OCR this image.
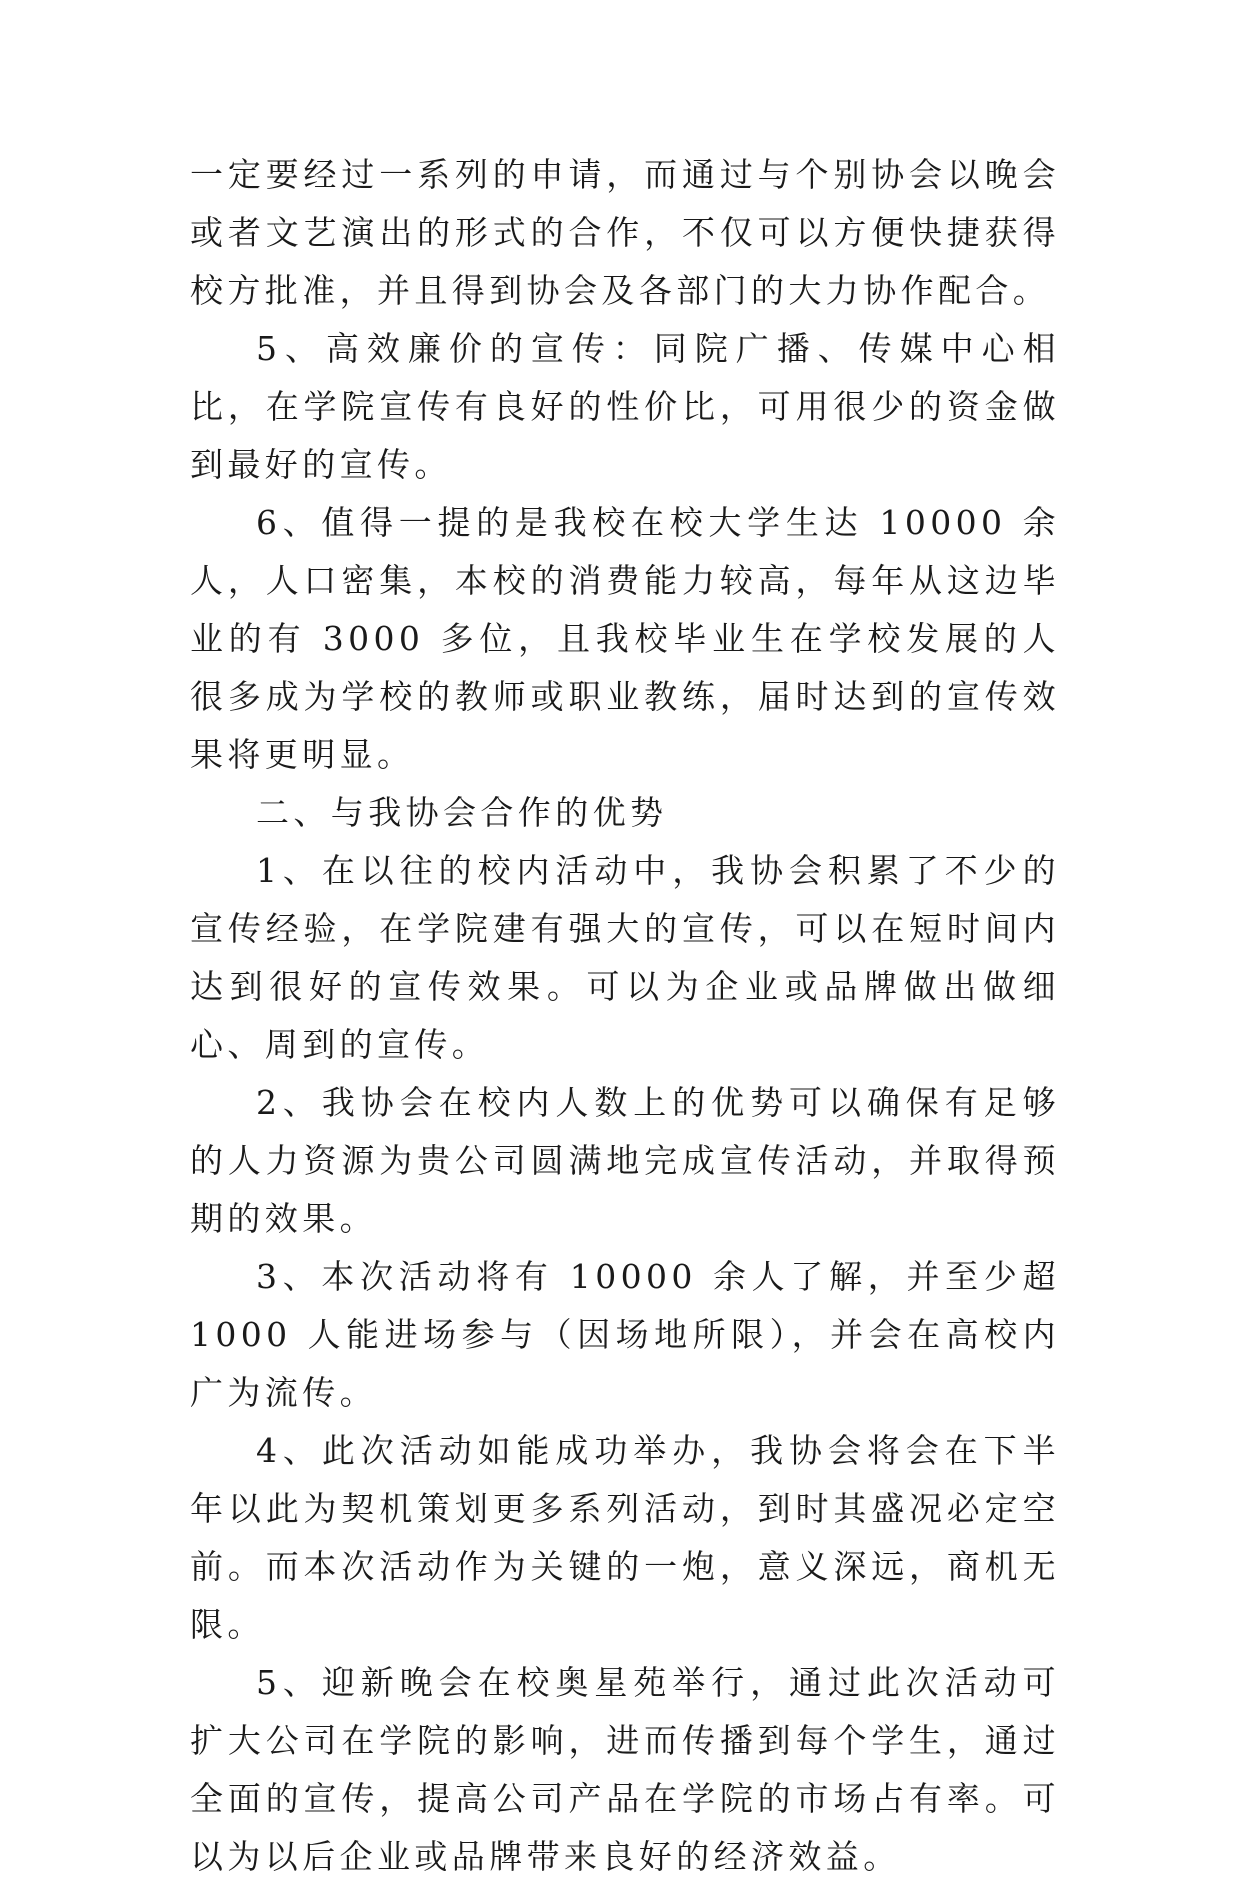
一定要经过一系列的申请，而通过与个别协会以晚会或者文艺演出的形式的合作，不仅可以方便快捷获得校方批准，并且得到协会及各部门的大力协作配合。

5、高效廉价的宣传：同院广播、传媒中心相比，在学院宣传有良好的性价比，可用很少的资金做到最好的宣传。

6、值得一提的是我校在校大学生达 10000 余人，人口密集，本校的消费能力较高，每年从这边毕业的有 3000 多位，且我校毕业生在学校发展的人很多成为学校的教师或职业教练，届时达到的宣传效果将更明显。

二、与我协会合作的优势

1、在以往的校内活动中，我协会积累了不少的宣传经验，在学院建有强大的宣传，可以在短时间内达到很好的宣传效果。可以为企业或品牌做出做细心、周到的宣传。

2、我协会在校内人数上的优势可以确保有足够的人力资源为贵公司圆满地完成宣传活动，并取得预期的效果。

3、本次活动将有 10000 余人了解，并至少超 1000 人能进场参与（因场地所限），并会在高校内广为流传。

4、此次活动如能成功举办，我协会将会在下半年以此为契机策划更多系列活动，到时其盛况必定空前。而本次活动作为关键的一炮，意义深远，商机无限。

5、迎新晚会在校奥星苑举行，通过此次活动可扩大公司在学院的影响，进而传播到每个学生，通过全面的宣传，提高公司产品在学院的市场占有率。可以为以后企业或品牌带来良好的经济效益。
